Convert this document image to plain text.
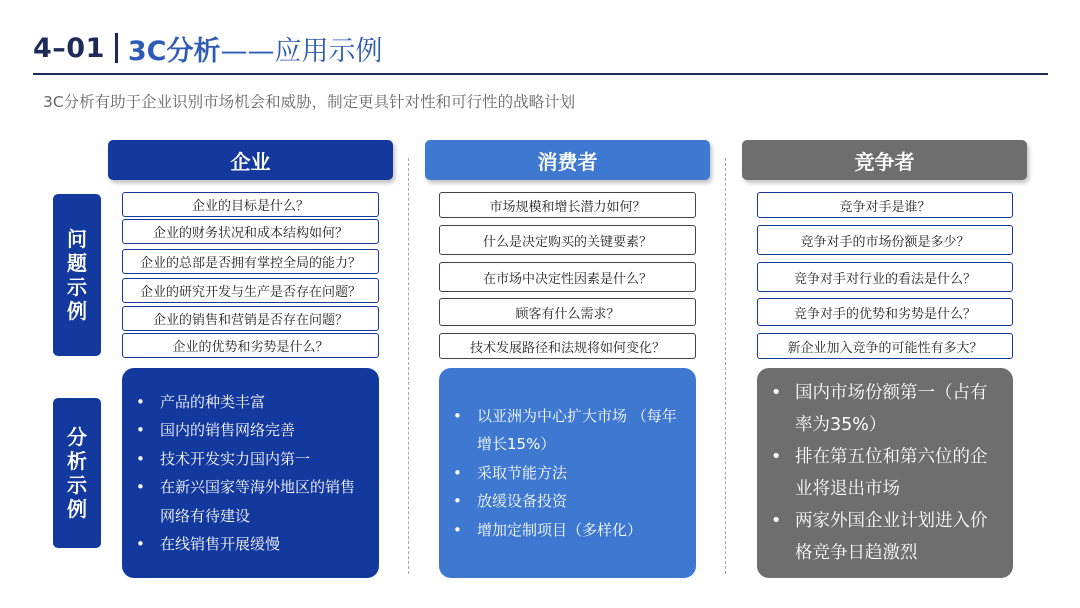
4–01 3C分析 ——应用示例
3C分析有助于企业识别市场机会和威胁，制定更具针对性和可行性的战略计划
问题示例
分析示例
企业	消费者	竞争者
企业的目标是什么？
企业的财务状况和成本结构如何？
企业的总部是否拥有掌控全局的能力？
企业的研究开发与生产是否存在问题？
企业的销售和营销是否存在问题？
企业的优势和劣势是什么？
市场规模和增长潜力如何？
什么是决定购买的关键要素？
在市场中决定性因素是什么？
顾客有什么需求？
技术发展路径和法规将如何变化？
竞争对手是谁？
竞争对手的市场份额是多少？
竞争对手对行业的看法是什么？
竞争对手的优势和劣势是什么？
新企业加入竞争的可能性有多大？
• 产品的种类丰富
• 国内的销售网络完善
• 技术开发实力国内第一
• 在新兴国家等海外地区的销售网络有待建设
• 在线销售开展缓慢
• 以亚洲为中心扩大市场 （每年增长15%）
• 采取节能方法
• 放缓设备投资
• 增加定制项目（多样化）
• 国内市场份额第一（占有率为35%）
• 排在第五位和第六位的企业将退出市场
• 两家外国企业计划进入价格竞争日趋激烈
